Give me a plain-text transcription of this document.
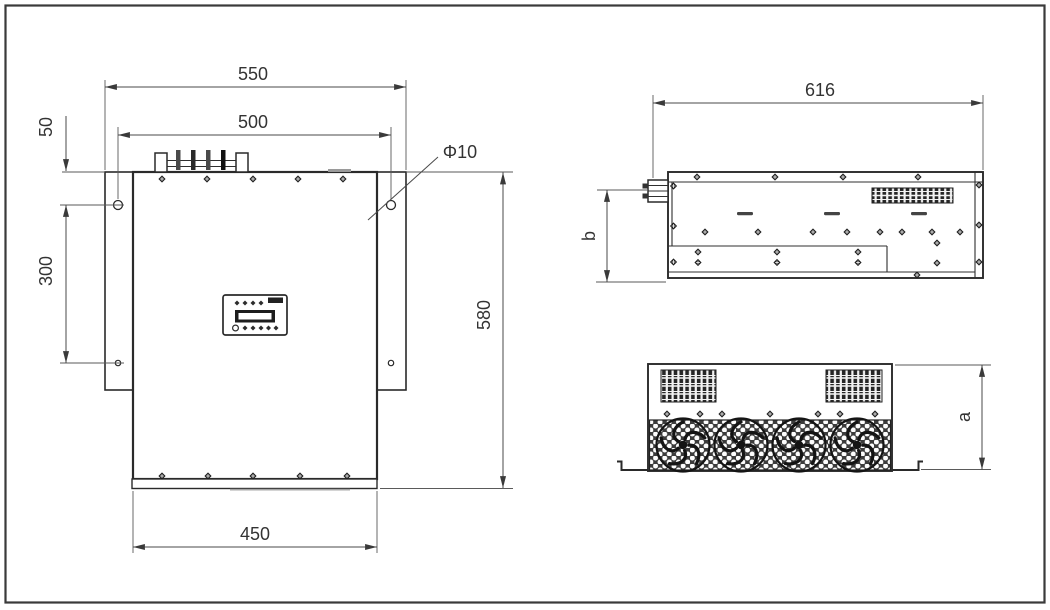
550
500
50
300
580
450
Φ10
616
b
a
